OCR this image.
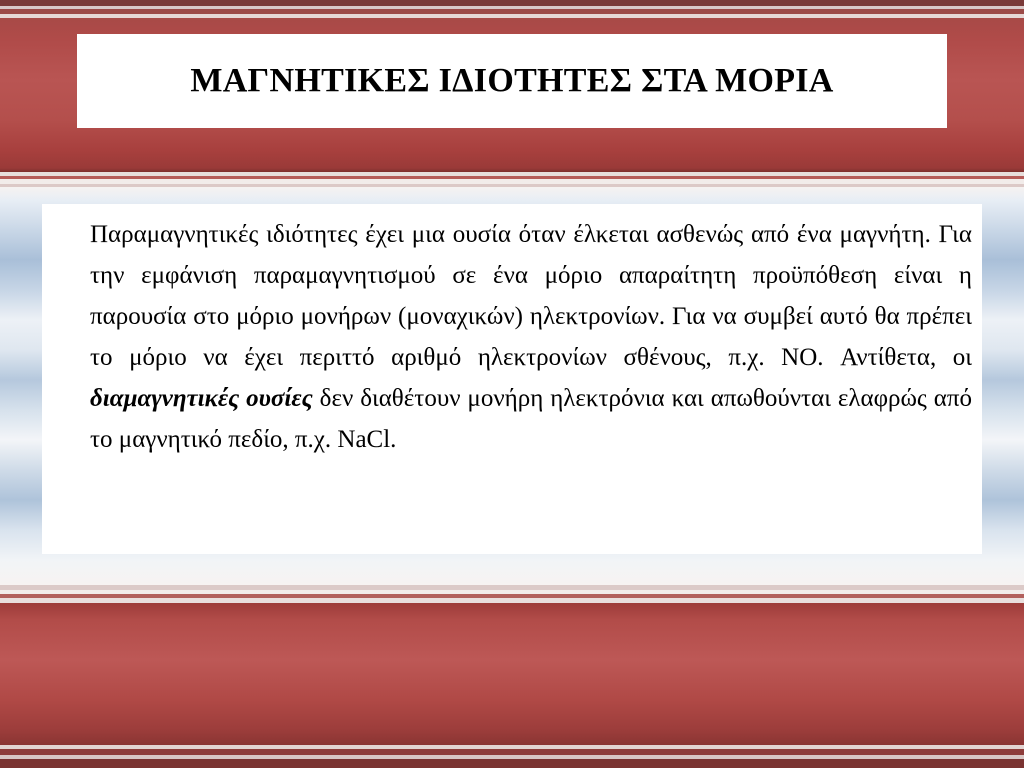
ΜΑΓΝΗΤΙΚΕΣ ΙΔΙΟΤΗΤΕΣ ΣΤΑ ΜΟΡΙΑ

Παραμαγνητικές ιδιότητες έχει μια ουσία όταν έλκεται ασθενώς από ένα μαγνήτη. Για την εμφάνιση παραμαγνητισμού σε ένα μόριο απαραίτητη προϋπόθεση είναι η παρουσία στο μόριο μονήρων (μοναχικών) ηλεκτρονίων. Για να συμβεί αυτό θα πρέπει το μόριο να έχει περιττό αριθμό ηλεκτρονίων σθένους, π.χ. NO. Αντίθετα, οι διαμαγνητικές ουσίες δεν διαθέτουν μονήρη ηλεκτρόνια και απωθούνται ελαφρώς από το μαγνητικό πεδίο, π.χ. NaCl.
